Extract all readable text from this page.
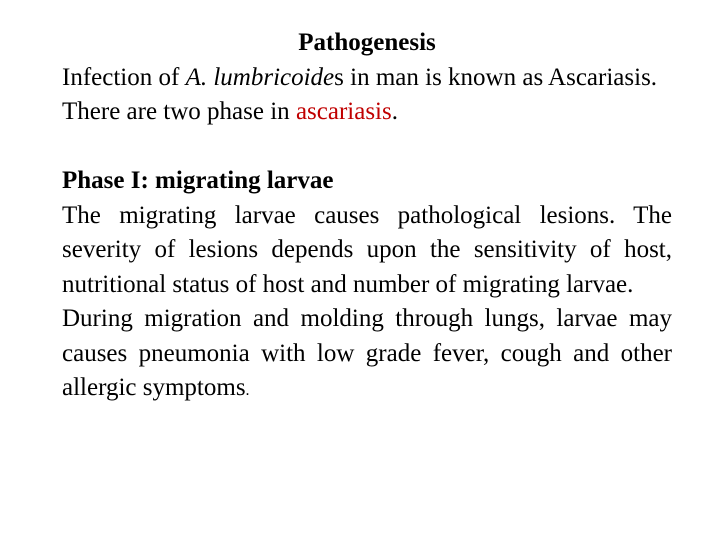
Pathogenesis

Infection of A. lumbricoides in man is known as Ascariasis. There are two phase in ascariasis.

Phase I: migrating larvae

The migrating larvae causes pathological lesions. The severity of lesions depends upon the sensitivity of host, nutritional status of host and number of migrating larvae.

During migration and molding through lungs, larvae may causes pneumonia with low grade fever, cough and other allergic symptoms.
